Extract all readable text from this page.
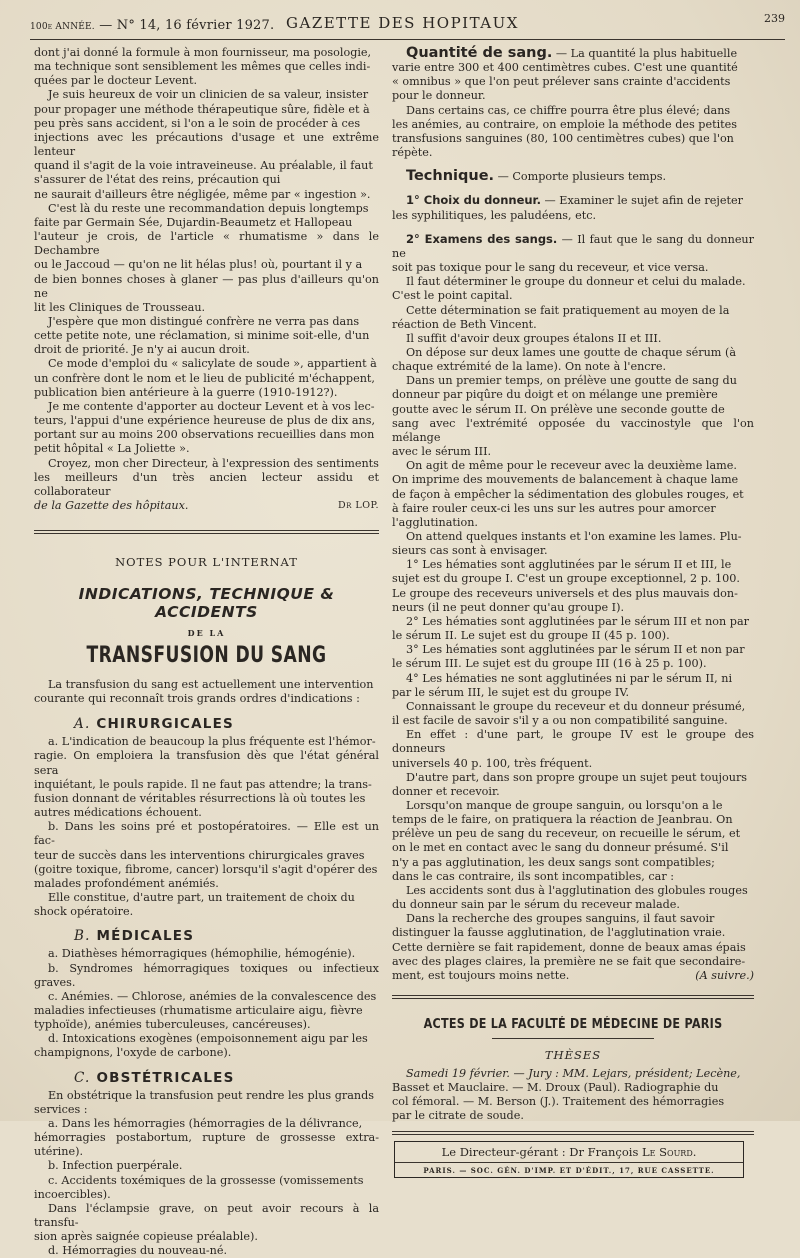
100e ANNÉE. — N° 14, 16 février 1927. GAZETTE DES HOPITAUX	239

dont j'ai donné la formule à mon fournisseur, ma posologie,

ma technique sont sensiblement les mêmes que celles indi-

quées par le docteur Levent.

Je suis heureux de voir un clinicien de sa valeur, insister

pour propager une méthode thérapeutique sûre, fidèle et à

peu près sans accident, si l'on a le soin de procéder à ces

injections avec les précautions d'usage et une extrême lenteur

quand il s'agit de la voie intraveineuse. Au préalable, il faut

s'assurer de l'état des reins, précaution qui

ne saurait d'ailleurs être négligée, même par « ingestion ».

C'est là du reste une recommandation depuis longtemps

faite par Germain Sée, Dujardin-Beaumetz et Hallopeau

l'auteur je crois, de l'article « rhumatisme » dans le Dechambre

ou le Jaccoud — qu'on ne lit hélas plus! où, pourtant il y a

de bien bonnes choses à glaner — pas plus d'ailleurs qu'on ne

lit les Cliniques de Trousseau.

J'espère que mon distingué confrère ne verra pas dans

cette petite note, une réclamation, si minime soit-elle, d'un

droit de priorité. Je n'y ai aucun droit.

Ce mode d'emploi du « salicylate de soude », appartient à

un confrère dont le nom et le lieu de publicité m'échappent,

publication bien antérieure à la guerre (1910-1912?).

Je me contente d'apporter au docteur Levent et à vos lec-

teurs, l'appui d'une expérience heureuse de plus de dix ans,

portant sur au moins 200 observations recueillies dans mon

petit hôpital « La Joliette ».

Croyez, mon cher Directeur, à l'expression des sentiments

les meilleurs d'un très ancien lecteur assidu et collaborateur

de la Gazette des hôpitaux.	Dr LOP.

NOTES POUR L'INTERNAT

INDICATIONS, TECHNIQUE & ACCIDENTS

DE LA

TRANSFUSION DU SANG

La transfusion du sang est actuellement une intervention

courante qui reconnaît trois grands ordres d'indications :

A. CHIRURGICALES

a. L'indication de beaucoup la plus fréquente est l'hémor-

ragie. On emploiera la transfusion dès que l'état général sera

inquiétant, le pouls rapide. Il ne faut pas attendre; la trans-

fusion donnant de véritables résurrections là où toutes les

autres médications échouent.

b. Dans les soins pré et postopératoires. — Elle est un fac-

teur de succès dans les interventions chirurgicales graves

(goitre toxique, fibrome, cancer) lorsqu'il s'agit d'opérer des

malades profondément anémiés.

Elle constitue, d'autre part, un traitement de choix du

shock opératoire.

B. MÉDICALES

a. Diathèses hémorragiques (hémophilie, hémogénie).

b. Syndromes hémorragiques toxiques ou infectieux graves.

c. Anémies. — Chlorose, anémies de la convalescence des

maladies infectieuses (rhumatisme articulaire aigu, fièvre

typhoïde), anémies tuberculeuses, cancéreuses).

d. Intoxications exogènes (empoisonnement aigu par les

champignons, l'oxyde de carbone).

C. OBSTÉTRICALES

En obstétrique la transfusion peut rendre les plus grands

services :

a. Dans les hémorragies (hémorragies de la délivrance,

hémorragies postabortum, rupture de grossesse extra-utérine).

b. Infection puerpérale.

c. Accidents toxémiques de la grossesse (vomissements

incoercibles).

Dans l'éclampsie grave, on peut avoir recours à la transfu-

sion après saignée copieuse préalable).

d. Hémorragies du nouveau-né.

Quantité de sang. — La quantité la plus habituelle

varie entre 300 et 400 centimètres cubes. C'est une quantité

« omnibus » que l'on peut prélever sans crainte d'accidents

pour le donneur.

Dans certains cas, ce chiffre pourra être plus élevé; dans

les anémies, au contraire, on emploie la méthode des petites

transfusions sanguines (80, 100 centimètres cubes) que l'on

répète.

Technique. — Comporte plusieurs temps.

1° Choix du donneur. — Examiner le sujet afin de rejeter

les syphilitiques, les paludéens, etc.

2° Examens des sangs. — Il faut que le sang du donneur ne

soit pas toxique pour le sang du receveur, et vice versa.

Il faut déterminer le groupe du donneur et celui du malade.

C'est le point capital.

Cette détermination se fait pratiquement au moyen de la

réaction de Beth Vincent.

Il suffit d'avoir deux groupes étalons II et III.

On dépose sur deux lames une goutte de chaque sérum (à

chaque extrémité de la lame). On note à l'encre.

Dans un premier temps, on prélève une goutte de sang du

donneur par piqûre du doigt et on mélange une première

goutte avec le sérum II. On prélève une seconde goutte de

sang avec l'extrémité opposée du vaccinostyle que l'on mélange

avec le sérum III.

On agit de même pour le receveur avec la deuxième lame.

On imprime des mouvements de balancement à chaque lame

de façon à empêcher la sédimentation des globules rouges, et

à faire rouler ceux-ci les uns sur les autres pour amorcer

l'agglutination.

On attend quelques instants et l'on examine les lames. Plu-

sieurs cas sont à envisager.

1° Les hématies sont agglutinées par le sérum II et III, le

sujet est du groupe I. C'est un groupe exceptionnel, 2 p. 100.

Le groupe des receveurs universels et des plus mauvais don-

neurs (il ne peut donner qu'au groupe I).

2° Les hématies sont agglutinées par le sérum III et non par

le sérum II. Le sujet est du groupe II (45 p. 100).

3° Les hématies sont agglutinées par le sérum II et non par

le sérum III. Le sujet est du groupe III (16 à 25 p. 100).

4° Les hématies ne sont agglutinées ni par le sérum II, ni

par le sérum III, le sujet est du groupe IV.

Connaissant le groupe du receveur et du donneur présumé,

il est facile de savoir s'il y a ou non compatibilité sanguine.

En effet : d'une part, le groupe IV est le groupe des donneurs

universels 40 p. 100, très fréquent.

D'autre part, dans son propre groupe un sujet peut toujours

donner et recevoir.

Lorsqu'on manque de groupe sanguin, ou lorsqu'on a le

temps de le faire, on pratiquera la réaction de Jeanbrau. On

prélève un peu de sang du receveur, on recueille le sérum, et

on le met en contact avec le sang du donneur présumé. S'il

n'y a pas agglutination, les deux sangs sont compatibles;

dans le cas contraire, ils sont incompatibles, car :

Les accidents sont dus à l'agglutination des globules rouges

du donneur sain par le sérum du receveur malade.

Dans la recherche des groupes sanguins, il faut savoir

distinguer la fausse agglutination, de l'agglutination vraie.

Cette dernière se fait rapidement, donne de beaux amas épais

avec des plages claires, la première ne se fait que secondaire-

ment, est toujours moins nette.	(A suivre.)

ACTES DE LA FACULTÉ DE MÉDECINE DE PARIS

THÈSES

Samedi 19 février. — Jury : MM. Lejars, président; Lecène,

Basset et Mauclaire. — M. Droux (Paul). Radiographie du

col fémoral. — M. Berson (J.). Traitement des hémorragies

par le citrate de soude.

Le Directeur-gérant : Dr François Le Sourd.

PARIS. — SOC. GÉN. D'IMP. ET D'ÉDIT., 17, RUE CASSETTE.
